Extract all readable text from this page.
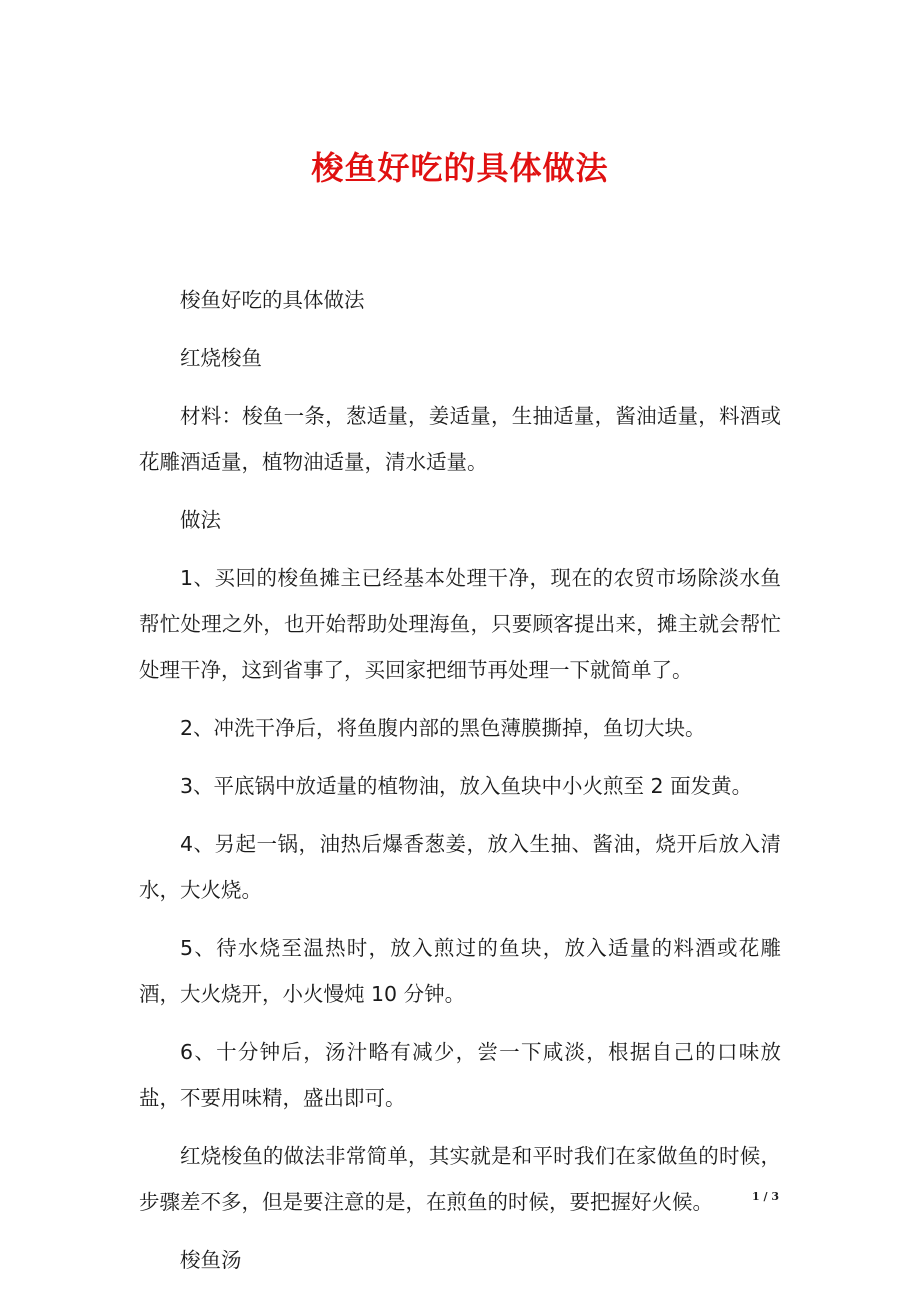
梭鱼好吃的具体做法

梭鱼好吃的具体做法

红烧梭鱼

材料：梭鱼一条，葱适量，姜适量，生抽适量，酱油适量，料酒或花雕酒适量，植物油适量，清水适量。

做法

1、买回的梭鱼摊主已经基本处理干净，现在的农贸市场除淡水鱼帮忙处理之外，也开始帮助处理海鱼，只要顾客提出来，摊主就会帮忙处理干净，这到省事了，买回家把细节再处理一下就简单了。

2、冲洗干净后，将鱼腹内部的黑色薄膜撕掉，鱼切大块。

3、平底锅中放适量的植物油，放入鱼块中小火煎至 2 面发黄。

4、另起一锅，油热后爆香葱姜，放入生抽、酱油，烧开后放入清水，大火烧。

5、待水烧至温热时，放入煎过的鱼块，放入适量的料酒或花雕酒，大火烧开，小火慢炖 10 分钟。

6、十分钟后，汤汁略有减少，尝一下咸淡，根据自己的口味放盐，不要用味精，盛出即可。

红烧梭鱼的做法非常简单，其实就是和平时我们在家做鱼的时候，步骤差不多，但是要注意的是，在煎鱼的时候，要把握好火候。

梭鱼汤

1 / 3
